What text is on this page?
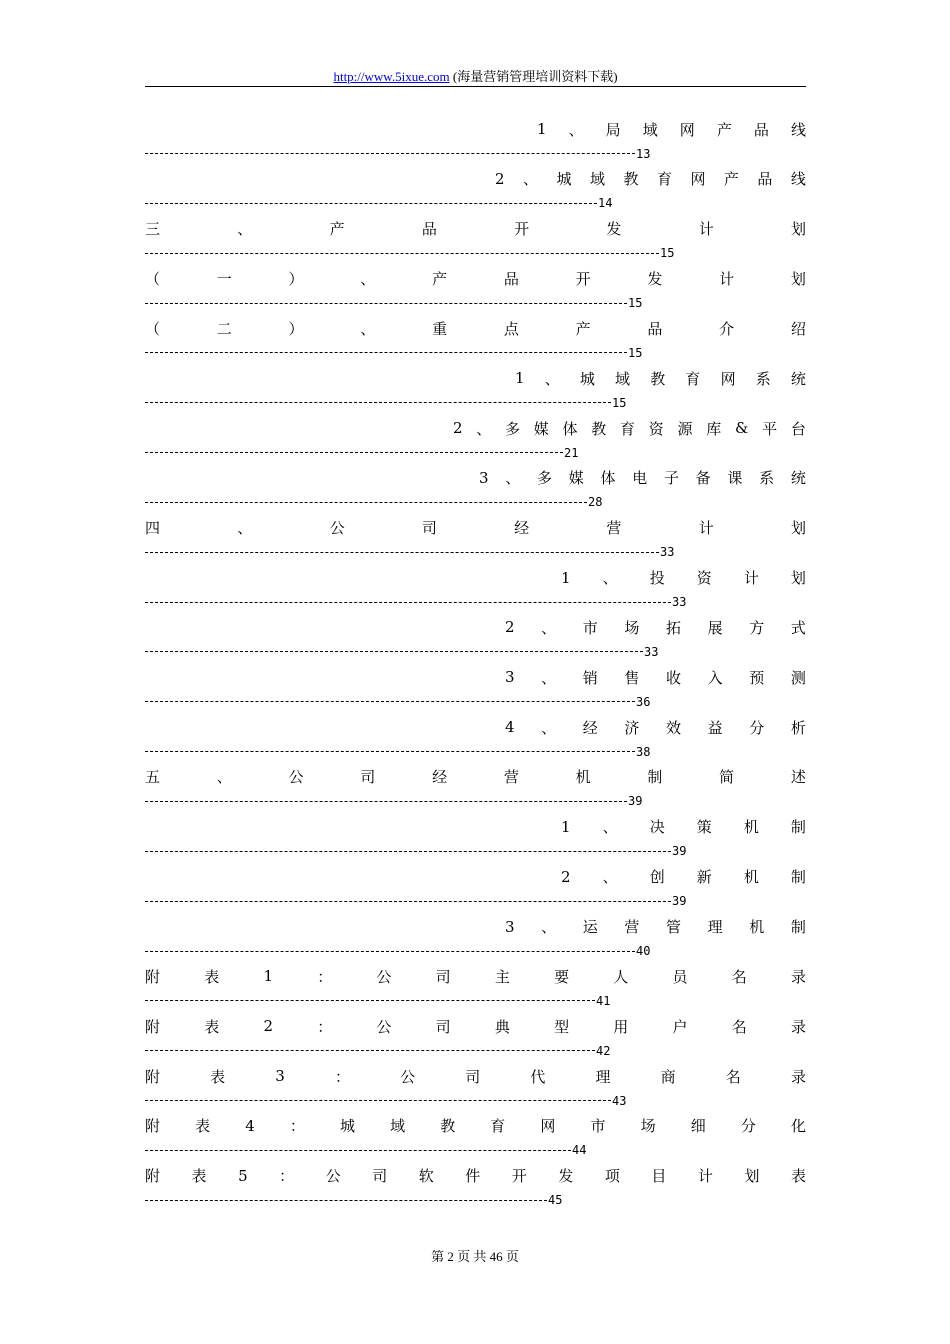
http://www.5ixue.com (海量营销管理培训资料下载)
1 、 局 域 网 产 品 线
13
2 、 城 域 教 育 网 产 品 线
14
三	、	产	品	开	发	计	划
15
（	一	）	、	产	品	开	发	计	划
15
（	二	）	、	重	点	产	品	介	绍
15
1 、 城 域 教 育 网 系 统
15
2 、 多 媒 体 教 育 资 源 库 & 平 台
21
3 、 多 媒 体 电 子 备 课 系 统
28
四	、	公	司	经	营	计	划
33
1 、 投 资 计 划
33
2 、 市 场 拓 展 方 式
33
3 、 销 售 收 入 预 测
36
4 、 经 济 效 益 分 析
38
五	、	公	司	经	营	机	制	简	述
39
1 、 决 策 机 制
39
2 、 创 新 机 制
39
3 、 运 营 管 理 机 制
40
附	表	1	：	公	司	主	要	人	员	名	录
41
附	表	2	：	公	司	典	型	用	户	名	录
42
附	表	3	：	公	司	代	理	商	名	录
43
附 表 4 ： 城 域 教 育 网 市 场 细 分 化
44
附 表 5 ： 公 司 软 件 开 发 项 目 计 划 表
45
第 2 页 共 46 页
